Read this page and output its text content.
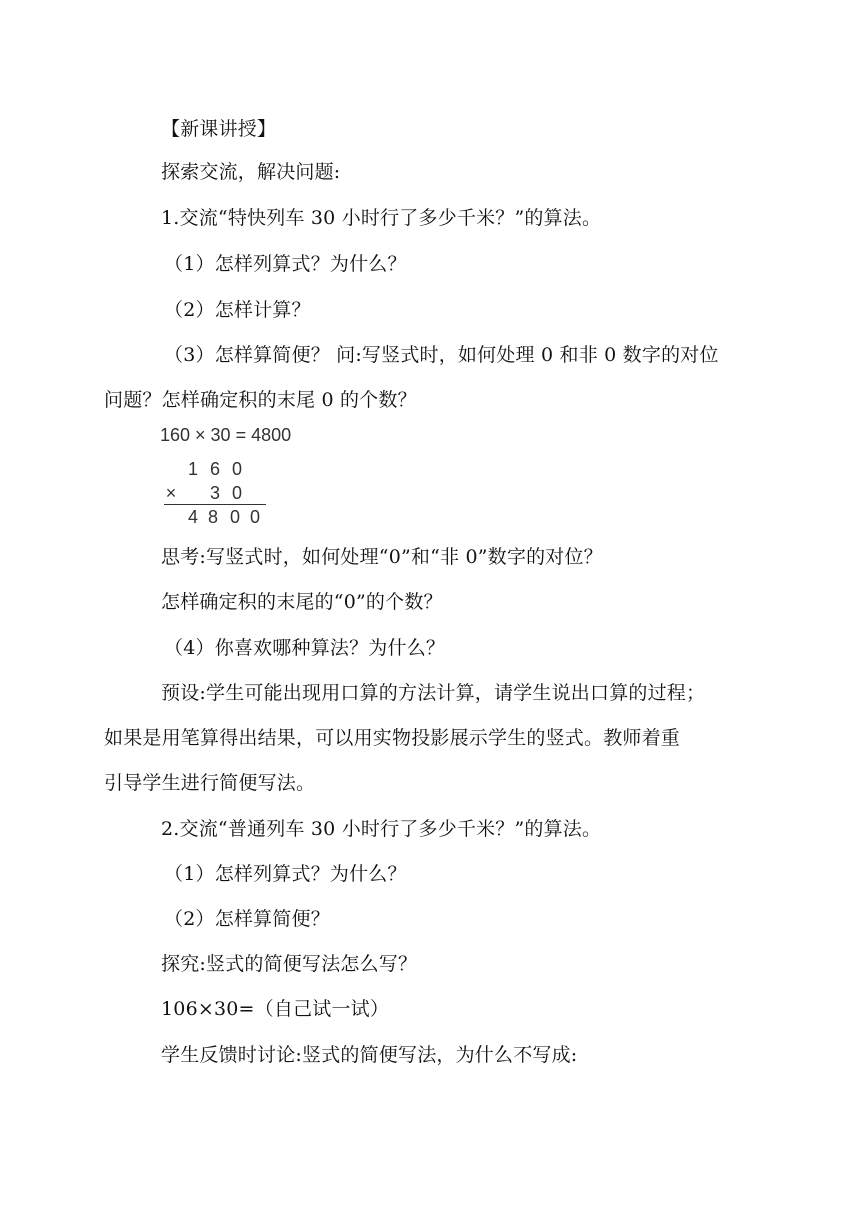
【新课讲授】
探索交流，解决问题:
1.交流“特快列车 30 小时行了多少千米？”的算法。
（1）怎样列算式？为什么？
（2）怎样计算？
（3）怎样算简便？ 问:写竖式时，如何处理 0 和非 0 数字的对位
问题？怎样确定积的末尾 0 的个数？
160 × 30 = 4800
1 6 0
× 3 0
4 8 0 0
思考:写竖式时，如何处理“0”和“非 0”数字的对位？
怎样确定积的末尾的“0”的个数？
（4）你喜欢哪种算法？为什么？
预设:学生可能出现用口算的方法计算，请学生说出口算的过程；
如果是用笔算得出结果，可以用实物投影展示学生的竖式。教师着重
引导学生进行简便写法。
2.交流“普通列车 30 小时行了多少千米？”的算法。
（1）怎样列算式？为什么？
（2）怎样算简便？
探究:竖式的简便写法怎么写？
106×30=（自己试一试）
学生反馈时讨论:竖式的简便写法，为什么不写成:
